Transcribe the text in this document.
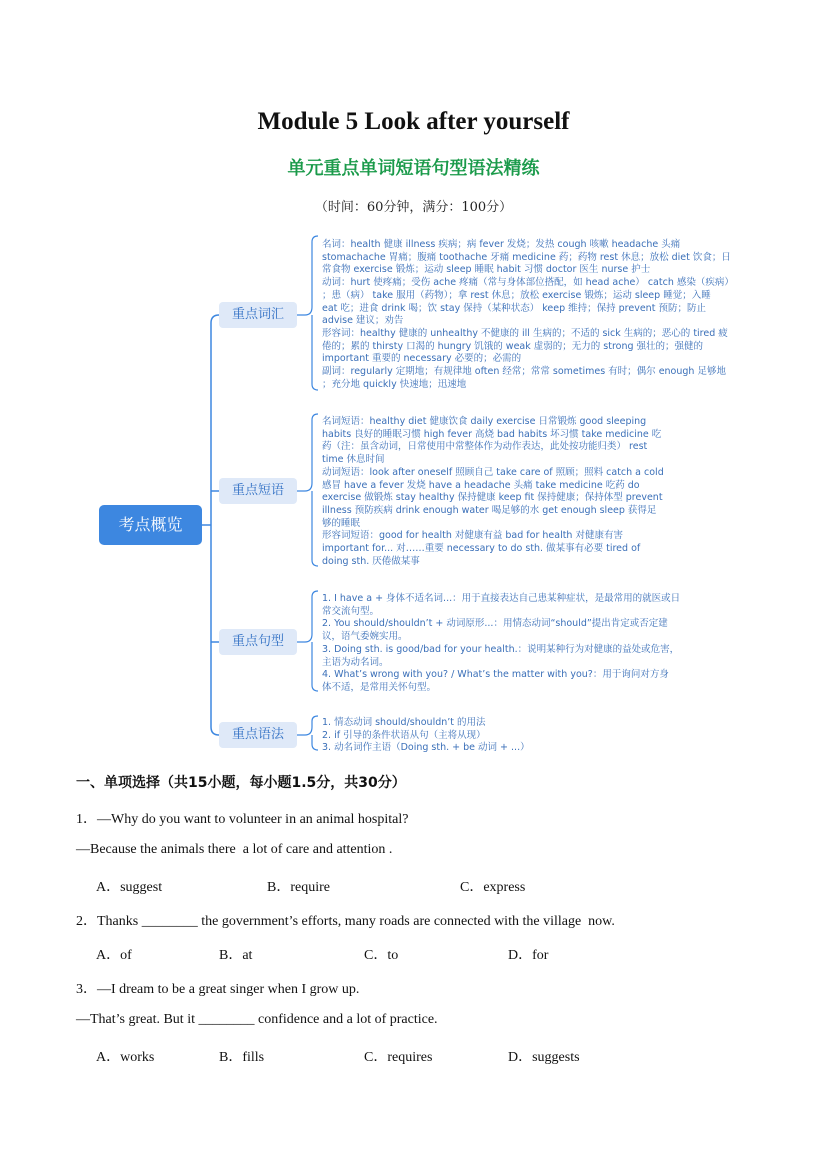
Module 5 Look after yourself
单元重点单词短语句型语法精练
（时间：60分钟，满分：100分）
考点概览
重点词汇
重点短语
重点句型
重点语法
名词：health 健康 illness 疾病；病 fever 发烧；发热 cough 咳嗽 headache 头痛
stomachache 胃痛；腹痛 toothache 牙痛 medicine 药；药物 rest 休息；放松 diet 饮食；日
常食物 exercise 锻炼；运动 sleep 睡眠 habit 习惯 doctor 医生 nurse 护士
动词：hurt 使疼痛；受伤 ache 疼痛（常与身体部位搭配，如 head ache） catch 感染（疾病）
；患（病） take 服用（药物）；拿 rest 休息；放松 exercise 锻炼；运动 sleep 睡觉；入睡
eat 吃；进食 drink 喝；饮 stay 保持（某种状态） keep 维持；保持 prevent 预防；防止
advise 建议；劝告
形容词：healthy 健康的 unhealthy 不健康的 ill 生病的；不适的 sick 生病的；恶心的 tired 疲
倦的；累的 thirsty 口渴的 hungry 饥饿的 weak 虚弱的；无力的 strong 强壮的；强健的
important 重要的 necessary 必要的；必需的
副词：regularly 定期地；有规律地 often 经常；常常 sometimes 有时；偶尔 enough 足够地
；充分地 quickly 快速地；迅速地
名词短语：healthy diet 健康饮食 daily exercise 日常锻炼 good sleeping
habits 良好的睡眠习惯 high fever 高烧 bad habits 坏习惯 take medicine 吃
药（注：虽含动词，日常使用中常整体作为动作表达，此处按功能归类） rest
time 休息时间
动词短语：look after oneself 照顾自己 take care of 照顾；照料 catch a cold
感冒 have a fever 发烧 have a headache 头痛 take medicine 吃药 do
exercise 做锻炼 stay healthy 保持健康 keep fit 保持健康；保持体型 prevent
illness 预防疾病 drink enough water 喝足够的水 get enough sleep 获得足
够的睡眠
形容词短语：good for health 对健康有益 bad for health 对健康有害
important for... 对……重要 necessary to do sth. 做某事有必要 tired of
doing sth. 厌倦做某事
1. I have a + 身体不适名词...：用于直接表达自己患某种症状，是最常用的就医或日
常交流句型。
2. You should/shouldn’t + 动词原形...：用情态动词“should”提出肯定或否定建
议，语气委婉实用。
3. Doing sth. is good/bad for your health.：说明某种行为对健康的益处或危害，
主语为动名词。
4. What’s wrong with you? / What’s the matter with you?：用于询问对方身
体不适，是常用关怀句型。
1. 情态动词 should/shouldn’t 的用法
2. if 引导的条件状语从句（主将从现）
3. 动名词作主语（Doing sth. + be 动词 + ...）
一、单项选择（共15小题，每小题1.5分，共30分）
1．—Why do you want to volunteer in an animal hospital?
—Because the animals there  a lot of care and attention .
A．suggest	B．require	C．express
2．Thanks ________ the government’s efforts, many roads are connected with the village  now.
A．of	B．at	C．to	D．for
3．—I dream to be a great singer when I grow up.
—That’s great. But it ________ confidence and a lot of practice.
A．works	B．fills	C．requires	D．suggests
